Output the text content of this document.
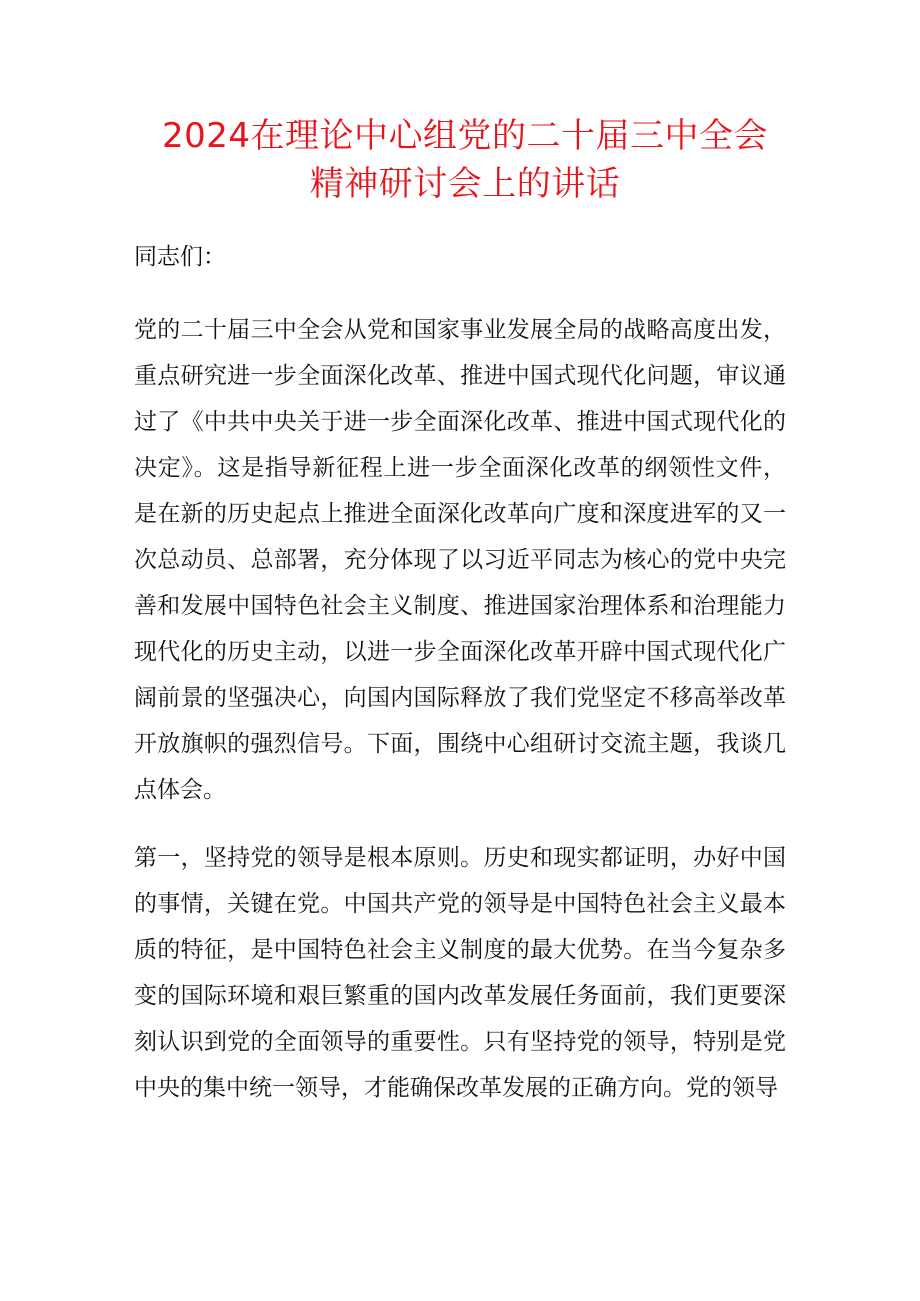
2024在理论中心组党的二十届三中全会
精神研讨会上的讲话

同志们：

党的二十届三中全会从党和国家事业发展全局的战略高度出发，重点研究进一步全面深化改革、推进中国式现代化问题，审议通过了《中共中央关于进一步全面深化改革、推进中国式现代化的决定》。这是指导新征程上进一步全面深化改革的纲领性文件，是在新的历史起点上推进全面深化改革向广度和深度进军的又一次总动员、总部署，充分体现了以习近平同志为核心的党中央完善和发展中国特色社会主义制度、推进国家治理体系和治理能力现代化的历史主动，以进一步全面深化改革开辟中国式现代化广阔前景的坚强决心，向国内国际释放了我们党坚定不移高举改革开放旗帜的强烈信号。下面，围绕中心组研讨交流主题，我谈几点体会。

第一，坚持党的领导是根本原则。历史和现实都证明，办好中国的事情，关键在党。中国共产党的领导是中国特色社会主义最本质的特征，是中国特色社会主义制度的最大优势。在当今复杂多变的国际环境和艰巨繁重的国内改革发展任务面前，我们更要深刻认识到党的全面领导的重要性。只有坚持党的领导，特别是党中央的集中统一领导，才能确保改革发展的正确方向。党的领导
